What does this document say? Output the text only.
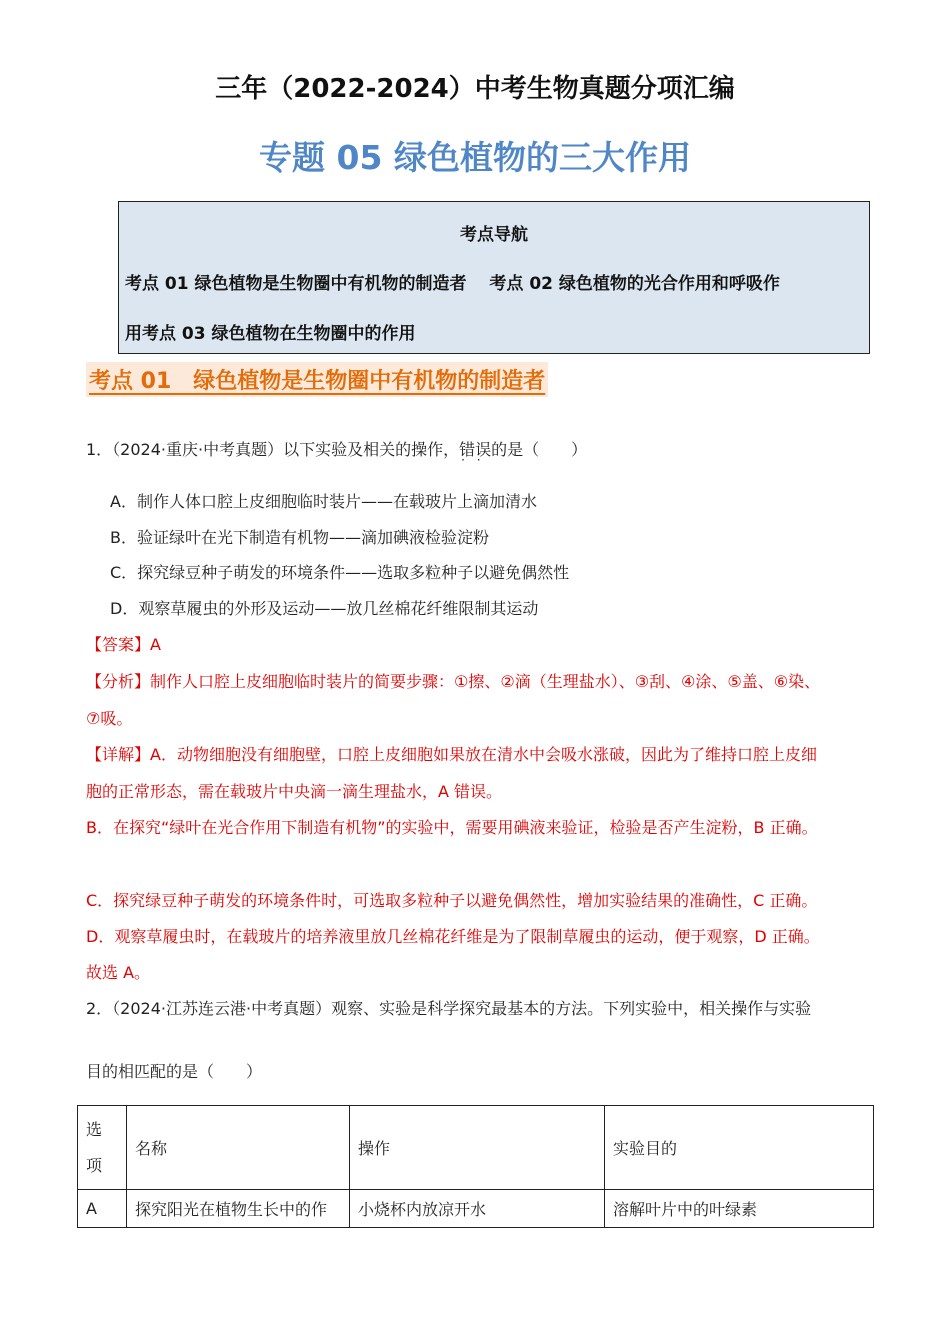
三年（2022-2024）中考生物真题分项汇编
专题 05 绿色植物的三大作用
考点导航
考点 01 绿色植物是生物圈中有机物的制造者　 考点 02 绿色植物的光合作用和呼吸作
用考点 03 绿色植物在生物圈中的作用
考点 01　绿色植物是生物圈中有机物的制造者
1．（2024·重庆·中考真题）以下实验及相关的操作，错误 · ·的是（　　）
A．制作人体口腔上皮细胞临时装片——在载玻片上滴加清水
B．验证绿叶在光下制造有机物——滴加碘液检验淀粉
C．探究绿豆种子萌发的环境条件——选取多粒种子以避免偶然性
D．观察草履虫的外形及运动——放几丝棉花纤维限制其运动
【答案】A
【分析】制作人口腔上皮细胞临时装片的简要步骤：①擦、②滴（生理盐水）、③刮、④涂、⑤盖、⑥染、
⑦吸。
【详解】A．动物细胞没有细胞壁，口腔上皮细胞如果放在清水中会吸水涨破，因此为了维持口腔上皮细
胞的正常形态，需在载玻片中央滴一滴生理盐水，A 错误。
B．在探究“绿叶在光合作用下制造有机物”的实验中，需要用碘液来验证，检验是否产生淀粉，B 正确。
C．探究绿豆种子萌发的环境条件时，可选取多粒种子以避免偶然性，增加实验结果的准确性，C 正确。
D．观察草履虫时，在载玻片的培养液里放几丝棉花纤维是为了限制草履虫的运动，便于观察，D 正确。
故选 A。
2．（2024·江苏连云港·中考真题）观察、实验是科学探究最基本的方法。下列实验中，相关操作与实验
目的相匹配的是（　　）
选项	名称	操作	实验目的
A	探究阳光在植物生长中的作	小烧杯内放凉开水	溶解叶片中的叶绿素
